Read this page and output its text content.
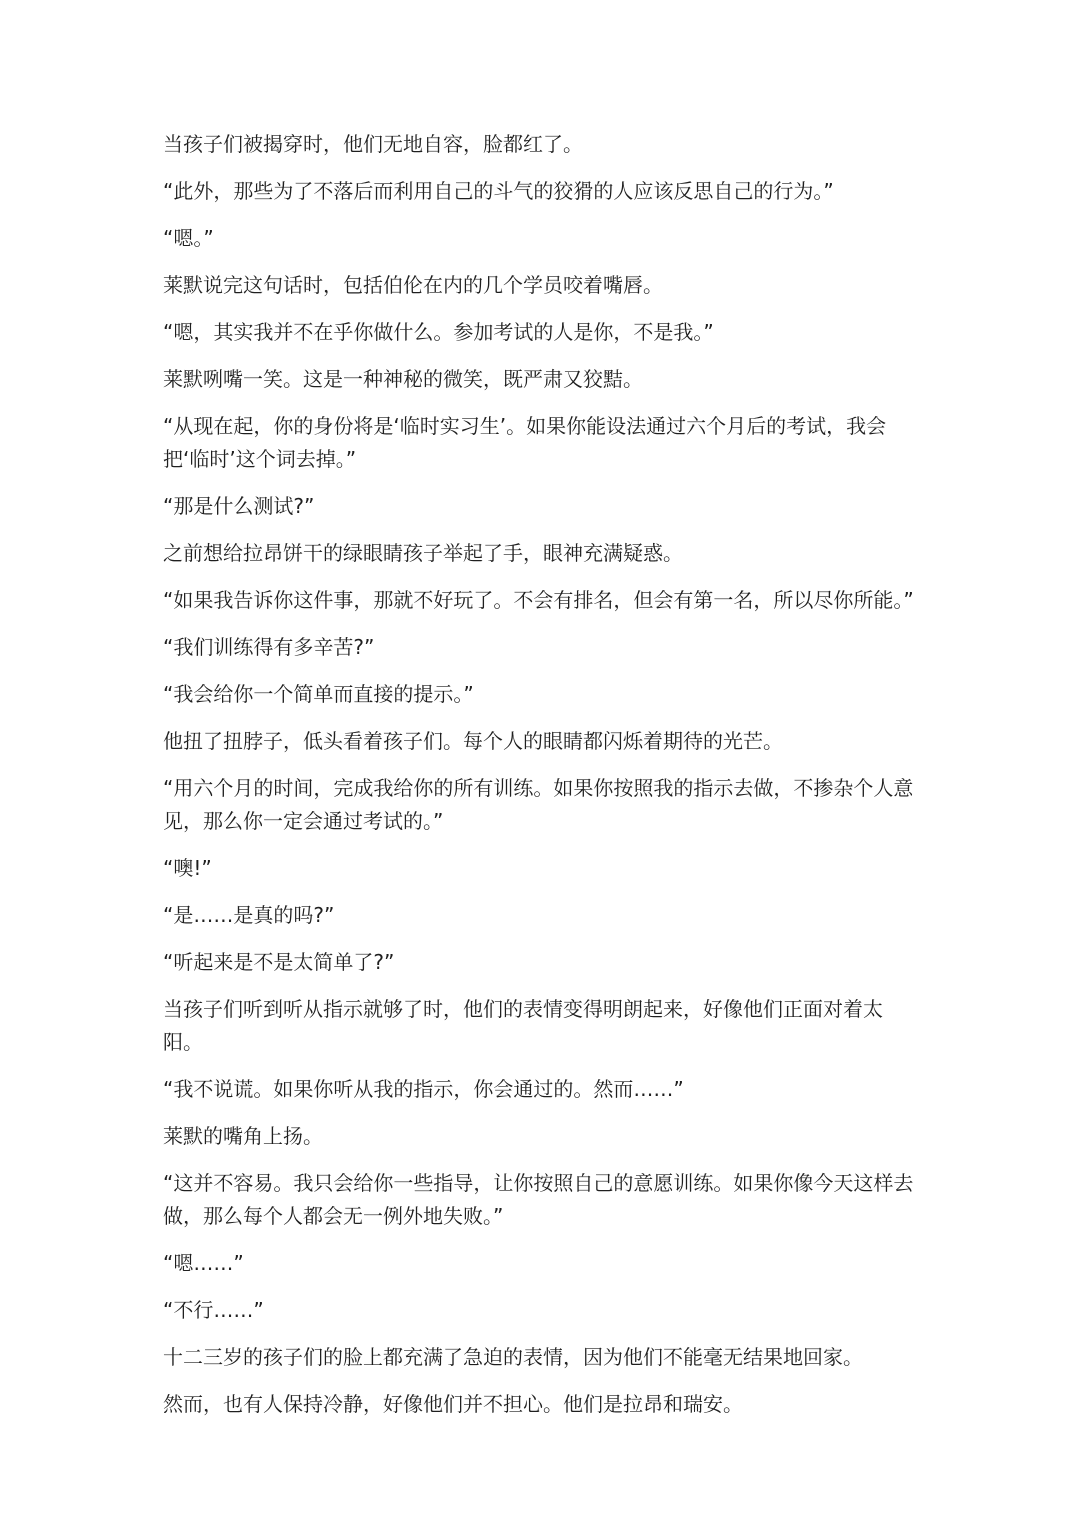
当孩子们被揭穿时，他们无地自容，脸都红了。

“此外，那些为了不落后而利用自己的斗气的狡猾的人应该反思自己的行为。”

“嗯。”

莱默说完这句话时，包括伯伦在内的几个学员咬着嘴唇。

“嗯，其实我并不在乎你做什么。参加考试的人是你，不是我。”

莱默咧嘴一笑。这是一种神秘的微笑，既严肃又狡黠。

“从现在起，你的身份将是‘临时实习生’。如果你能设法通过六个月后的考试，我会把‘临时’这个词去掉。”

“那是什么测试?”

之前想给拉昂饼干的绿眼睛孩子举起了手，眼神充满疑惑。

“如果我告诉你这件事，那就不好玩了。不会有排名，但会有第一名，所以尽你所能。”

“我们训练得有多辛苦?”

“我会给你一个简单而直接的提示。”

他扭了扭脖子，低头看着孩子们。每个人的眼睛都闪烁着期待的光芒。

“用六个月的时间，完成我给你的所有训练。如果你按照我的指示去做，不掺杂个人意见，那么你一定会通过考试的。”

“噢!”

“是……是真的吗?”

“听起来是不是太简单了?”

当孩子们听到听从指示就够了时，他们的表情变得明朗起来，好像他们正面对着太阳。

“我不说谎。如果你听从我的指示，你会通过的。然而……”

莱默的嘴角上扬。

“这并不容易。我只会给你一些指导，让你按照自己的意愿训练。如果你像今天这样去做，那么每个人都会无一例外地失败。”

“嗯……”

“不行……”

十二三岁的孩子们的脸上都充满了急迫的表情，因为他们不能毫无结果地回家。

然而，也有人保持冷静，好像他们并不担心。他们是拉昂和瑞安。
